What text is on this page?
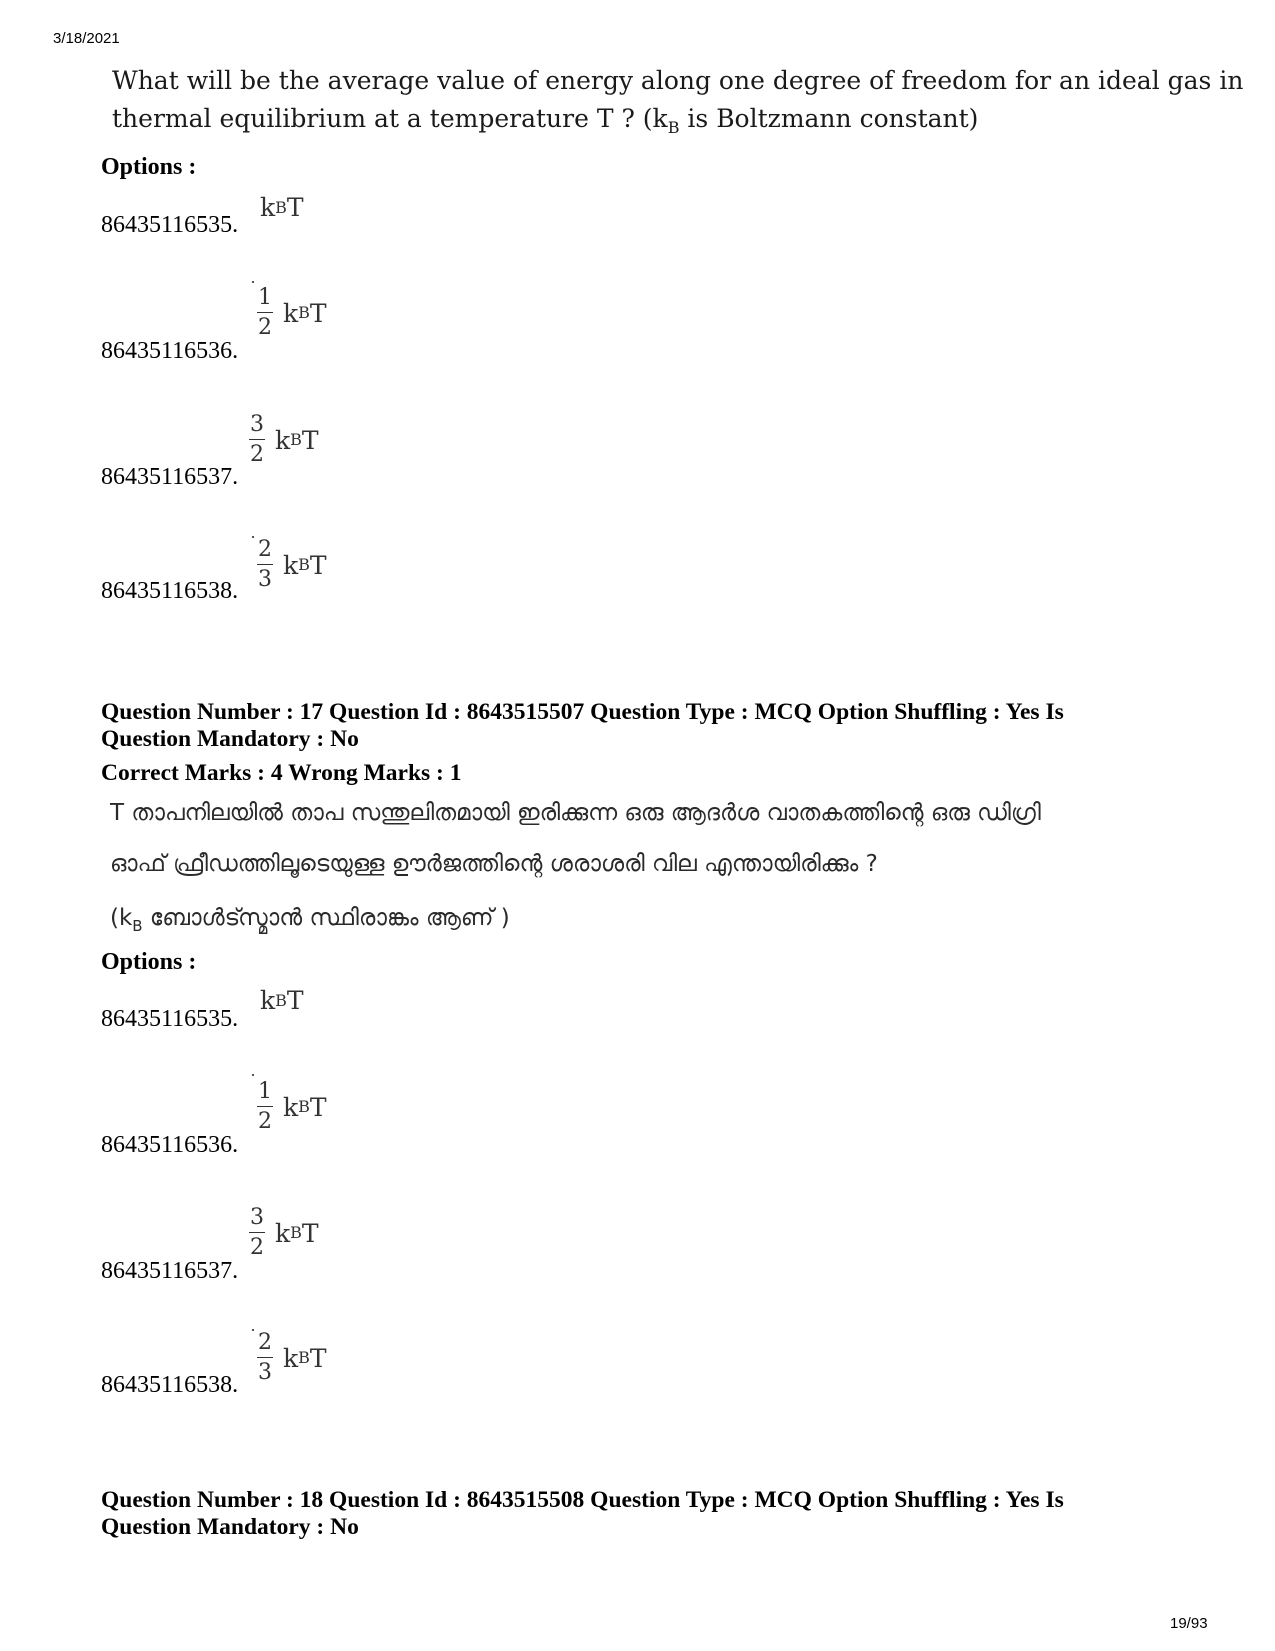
3/18/2021
19/93
What will be the average value of energy along one degree of freedom for an ideal gas in
thermal equilibrium at a temperature T ? ($k_B$ is Boltzmann constant)
Options :
86435116535.
k B T
86435116536.
$\frac{1}{2}$ k B T
86435116537.
$\frac{3}{2}$ k B T
86435116538. $\frac{2}{3}$ k B T
Question Number : 17 Question Id : 8643515507 Question Type : MCQ Option Shuffling : Yes Is
Question Mandatory : No
Correct Marks : 4 Wrong Marks : 1
T താപനിലയിൽ താപ സന്തുലിതമായി ഇരിക്കുന്ന ഒരു ആദർശ വാതകത്തിന്റെ ഒരു ഡിഗ്രി
ഓഫ് ഫ്രീഡത്തിലൂടെയുള്ള ഊർജത്തിന്റെ ശരാശരി വില എന്തായിരിക്കും ?
($k_B$ ബോൾട്സ്മാൻ സ്ഥിരാങ്കം ആണ് )
Options :
86435116535.
k B T
86435116536.
$\frac{1}{2}$ k B T
86435116537.
$\frac{3}{2}$ k B T
86435116538. $\frac{2}{3}$ k B T
Question Number : 18 Question Id : 8643515508 Question Type : MCQ Option Shuffling : Yes Is
Question Mandatory : No
